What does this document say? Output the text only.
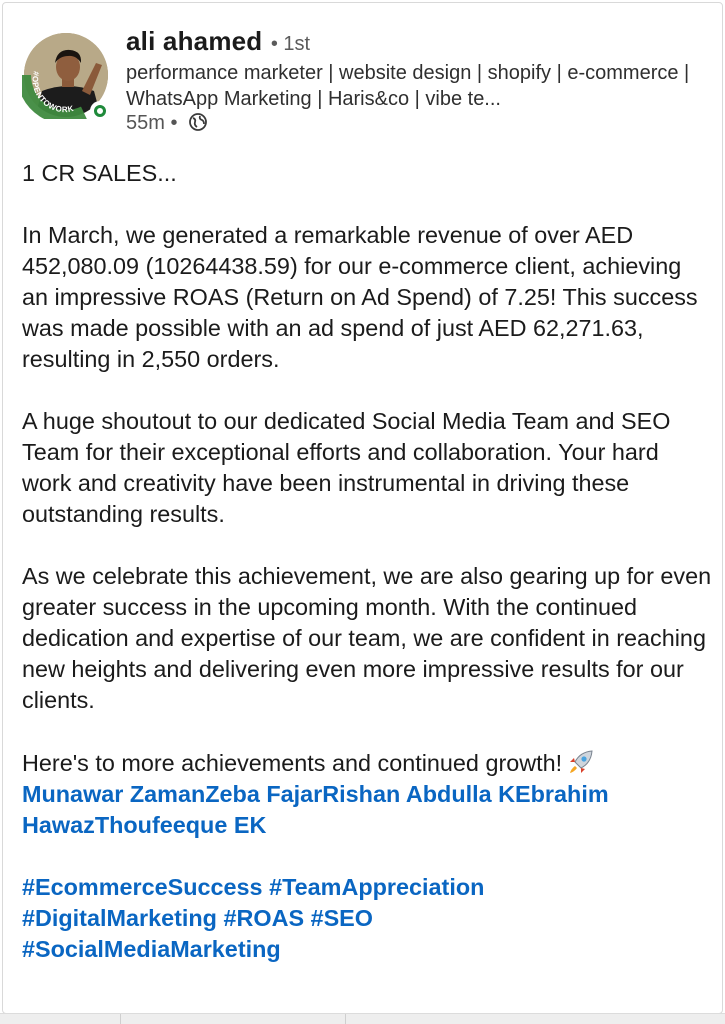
#OPENTOWORK
ali ahamed • 1st
performance marketer | website design | shopify | e-commerce | WhatsApp Marketing | Haris&co | vibe te...
55m •

1 CR SALES...

In March, we generated a remarkable revenue of over AED 452,080.09 (10264438.59) for our e-commerce client, achieving an impressive ROAS (Return on Ad Spend) of 7.25! This success was made possible with an ad spend of just AED 62,271.63, resulting in 2,550 orders.

A huge shoutout to our dedicated Social Media Team and SEO Team for their exceptional efforts and collaboration. Your hard work and creativity have been instrumental in driving these outstanding results.

As we celebrate this achievement, we are also gearing up for even greater success in the upcoming month. With the continued dedication and expertise of our team, we are confident in reaching new heights and delivering even more impressive results for our clients.

Here's to more achievements and continued growth!
Munawar ZamanZeba FajarRishan Abdulla KEbrahim HawazThoufeeque EK

#EcommerceSuccess #TeamAppreciation
#DigitalMarketing #ROAS #SEO
#SocialMediaMarketing
